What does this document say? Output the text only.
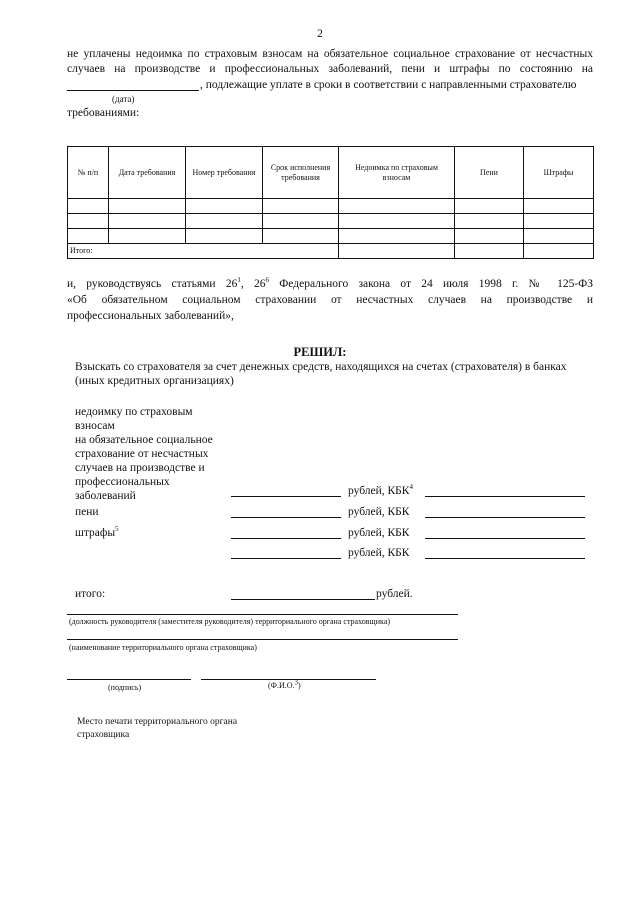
2
не уплачены недоимка по страховым взносам на обязательное социальное страхование от несчастных
случаев на производстве и профессиональных заболеваний, пени и штрафы по состоянию на
, подлежащие уплате в сроки в соответствии с направленными страхователю
(дата)
требованиями:
№ п/п	Дата требования	Номер требования	Срок исполнения требования	Недоимка по страховым взносам	Пени	Штрафы

Итого:						
и, руководствуясь статьями $26^1$, $26^6$ Федерального закона от 24 июля 1998 г. № 125-ФЗ
«Об обязательном социальном страховании от несчастных случаев на производстве и
профессиональных заболеваний»,
РЕШИЛ:
Взыскать со страхователя за счет денежных средств, находящихся на счетах (страхователя) в банках
(иных кредитных организациях)
недоимку по страховым
взносам
на обязательное социальное
страхование от несчастных
случаев на производстве и
профессиональных
заболеваний	рублей, КБК$^4$
пени	рублей, КБК
штрафы$^5$	рублей, КБК
рублей, КБК
итого:	рублей.
(должность руководителя (заместителя руководителя) территориального органа страховщика)
(наименование территориального органа страховщика)
(подпись)	(Ф.И.О.$^3$)
Место печати территориального органа
страховщика
